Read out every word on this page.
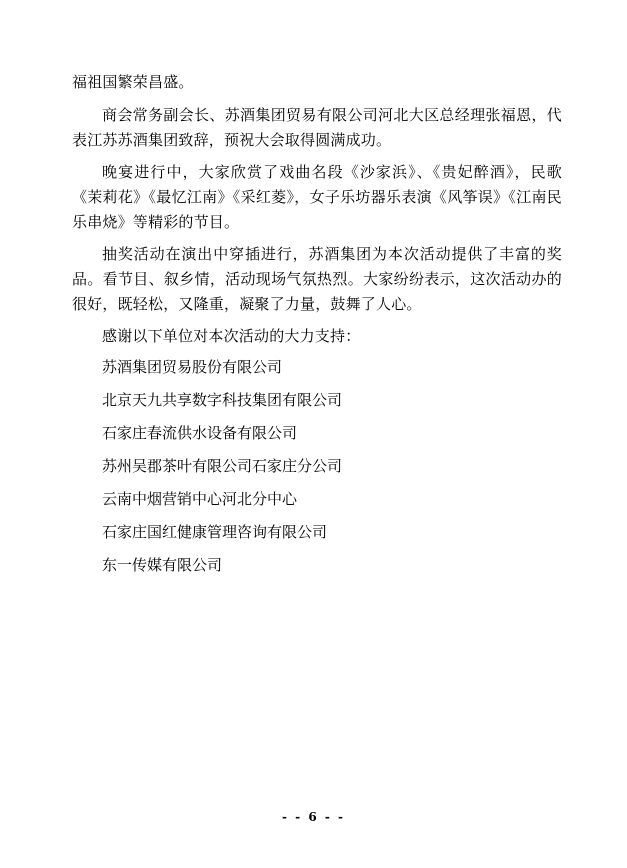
福祖国繁荣昌盛。

商会常务副会长、苏酒集团贸易有限公司河北大区总经理张福恩，代表江苏苏酒集团致辞，预祝大会取得圆满成功。

晚宴进行中，大家欣赏了戏曲名段《沙家浜》、《贵妃醉酒》，民歌《茉莉花》《最忆江南》《采红菱》，女子乐坊器乐表演《风筝误》《江南民乐串烧》等精彩的节目。

抽奖活动在演出中穿插进行，苏酒集团为本次活动提供了丰富的奖品。看节目、叙乡情，活动现场气氛热烈。大家纷纷表示，这次活动办的很好，既轻松，又隆重，凝聚了力量，鼓舞了人心。

感谢以下单位对本次活动的大力支持：

苏酒集团贸易股份有限公司
北京天九共享数字科技集团有限公司
石家庄春流供水设备有限公司
苏州吴郡茶叶有限公司石家庄分公司
云南中烟营销中心河北分中心
石家庄国红健康管理咨询有限公司
东一传媒有限公司
- - 6 - -
